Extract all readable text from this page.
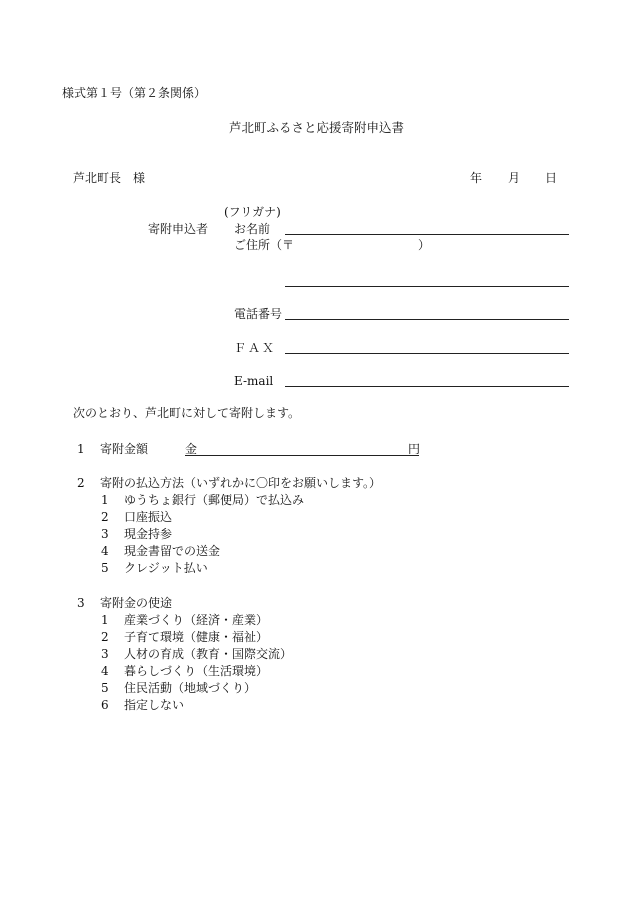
様式第１号（第２条関係）
芦北町ふるさと応援寄附申込書
芦北町長　様	年 月 日
(フリガナ)
寄附申込者 お名前
ご住所（〒	）
電話番号
ＦＡＸ
E-mail
次のとおり、芦北町に対して寄附します。
1 寄附金額	金	円
2 寄附の払込方法（いずれかに〇印をお願いします。）
1 ゆうちょ銀行（郵便局）で払込み
2 口座振込
3 現金持参
4 現金書留での送金
5 クレジット払い
3 寄附金の使途
1 産業づくり（経済・産業）
2 子育て環境（健康・福祉）
3 人材の育成（教育・国際交流）
4 暮らしづくり（生活環境）
5 住民活動（地域づくり）
6 指定しない
